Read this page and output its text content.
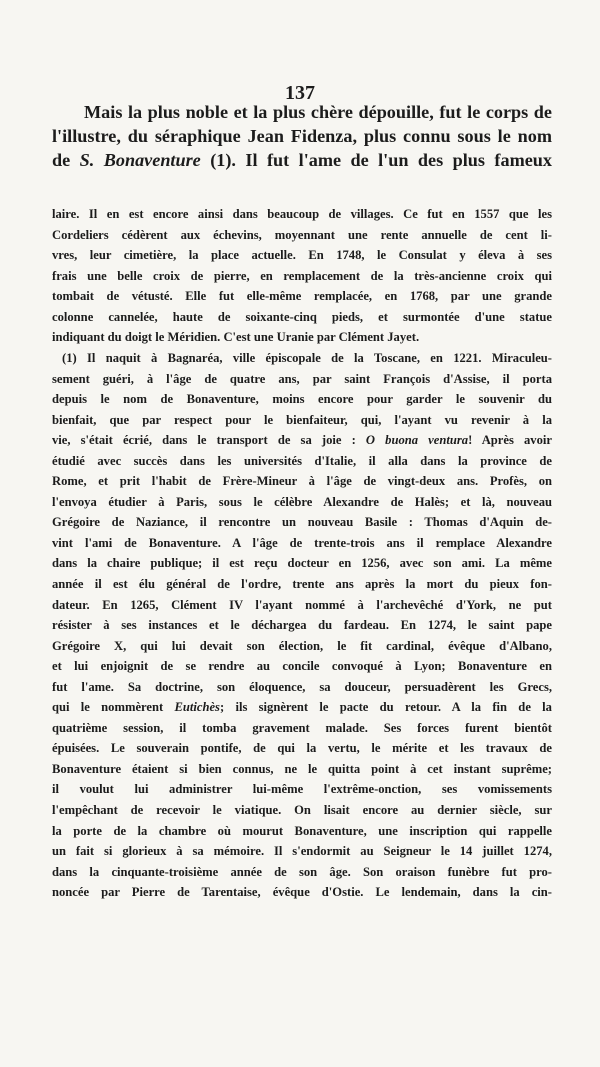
137
Mais la plus noble et la plus chère dépouille, fut le corps de
l'illustre, du séraphique Jean Fidenza, plus connu sous le nom
de S. Bonaventure (1). Il fut l'ame de l'un des plus fameux
laire. Il en est encore ainsi dans beaucoup de villages. Ce fut en 1557 que les
Cordeliers cédèrent aux échevins, moyennant une rente annuelle de cent li-
vres, leur cimetière, la place actuelle. En 1748, le Consulat y éleva à ses
frais une belle croix de pierre, en remplacement de la très-ancienne croix qui
tombait de vétusté. Elle fut elle-même remplacée, en 1768, par une grande
colonne cannelée, haute de soixante-cinq pieds, et surmontée d'une statue
indiquant du doigt le Méridien. C'est une Uranie par Clément Jayet.
(1) Il naquit à Bagnaréa, ville épiscopale de la Toscane, en 1221. Miraculeu-
sement guéri, à l'âge de quatre ans, par saint François d'Assise, il porta
depuis le nom de Bonaventure, moins encore pour garder le souvenir du
bienfait, que par respect pour le bienfaiteur, qui, l'ayant vu revenir à la
vie, s'était écrié, dans le transport de sa joie : O buona ventura! Après avoir
étudié avec succès dans les universités d'Italie, il alla dans la province de
Rome, et prit l'habit de Frère-Mineur à l'âge de vingt-deux ans. Profès, on
l'envoya étudier à Paris, sous le célèbre Alexandre de Halès; et là, nouveau
Grégoire de Naziance, il rencontre un nouveau Basile : Thomas d'Aquin de-
vint l'ami de Bonaventure. A l'âge de trente-trois ans il remplace Alexandre
dans la chaire publique; il est reçu docteur en 1256, avec son ami. La même
année il est élu général de l'ordre, trente ans après la mort du pieux fon-
dateur. En 1265, Clément IV l'ayant nommé à l'archevêché d'York, ne put
résister à ses instances et le déchargea du fardeau. En 1274, le saint pape
Grégoire X, qui lui devait son élection, le fit cardinal, évêque d'Albano,
et lui enjoignit de se rendre au concile convoqué à Lyon; Bonaventure en
fut l'ame. Sa doctrine, son éloquence, sa douceur, persuadèrent les Grecs,
qui le nommèrent Eutichès; ils signèrent le pacte du retour. A la fin de la
quatrième session, il tomba gravement malade. Ses forces furent bientôt
épuisées. Le souverain pontife, de qui la vertu, le mérite et les travaux de
Bonaventure étaient si bien connus, ne le quitta point à cet instant suprême;
il voulut lui administrer lui-même l'extrême-onction, ses vomissements
l'empêchant de recevoir le viatique. On lisait encore au dernier siècle, sur
la porte de la chambre où mourut Bonaventure, une inscription qui rappelle
un fait si glorieux à sa mémoire. Il s'endormit au Seigneur le 14 juillet 1274,
dans la cinquante-troisième année de son âge. Son oraison funèbre fut pro-
noncée par Pierre de Tarentaise, évêque d'Ostie. Le lendemain, dans la cin-
